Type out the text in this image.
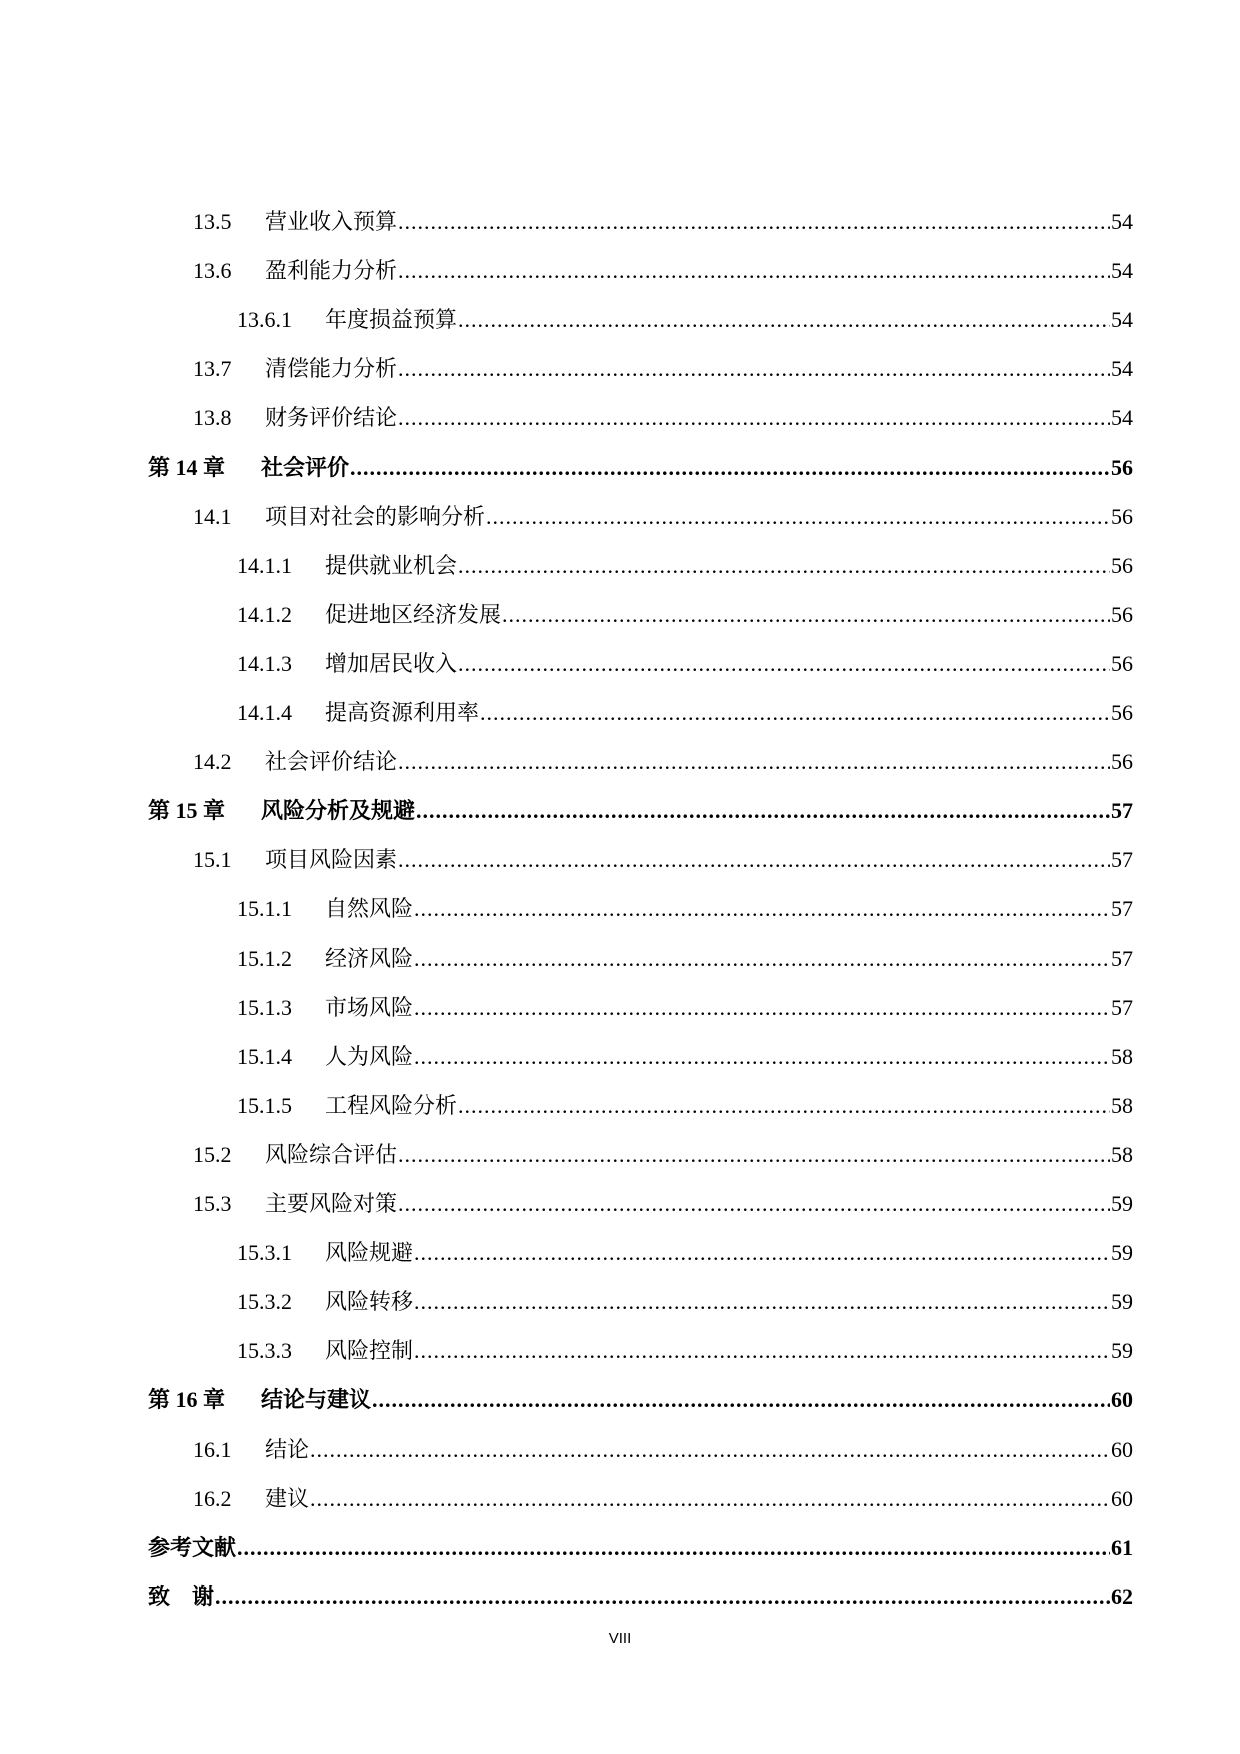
13.5	营业收入预算 .....	54
13.6	盈利能力分析 .....	54
13.6.1	年度损益预算 .....	54
13.7	清偿能力分析 .....	54
13.8	财务评价结论 .....	54
第 14 章	社会评价 .....	56
14.1	项目对社会的影响分析 .....	56
14.1.1	提供就业机会 .....	56
14.1.2	促进地区经济发展 .....	56
14.1.3	增加居民收入 .....	56
14.1.4	提高资源利用率 .....	56
14.2	社会评价结论 .....	56
第 15 章	风险分析及规避 .....	57
15.1	项目风险因素 .....	57
15.1.1	自然风险 .....	57
15.1.2	经济风险 .....	57
15.1.3	市场风险 .....	57
15.1.4	人为风险 .....	58
15.1.5	工程风险分析 .....	58
15.2	风险综合评估 .....	58
15.3	主要风险对策 .....	59
15.3.1	风险规避 .....	59
15.3.2	风险转移 .....	59
15.3.3	风险控制 .....	59
第 16 章	结论与建议 .....	60
16.1	结论 .....	60
16.2	建议 .....	60
参考文献 .....	61
致　谢 .....	62
VIII
